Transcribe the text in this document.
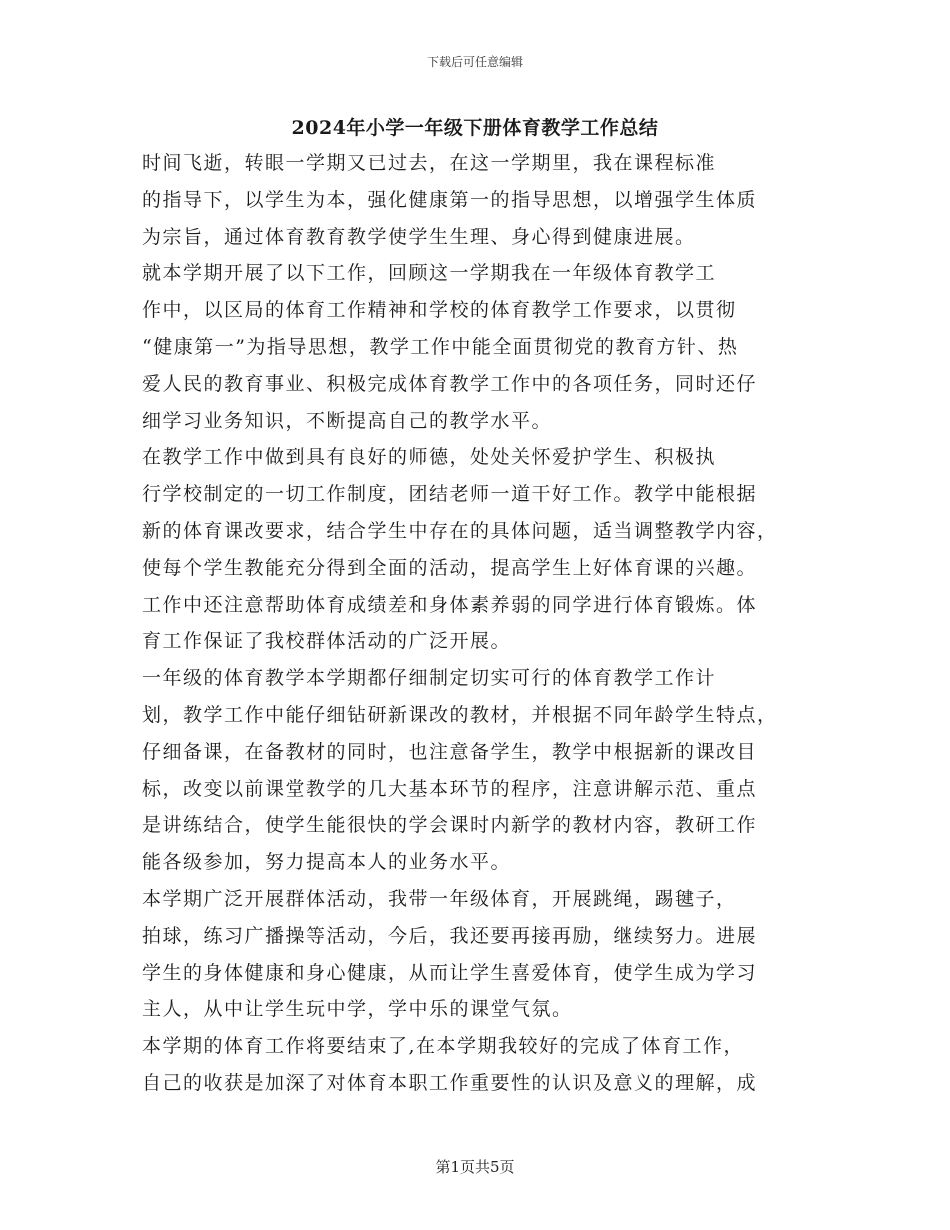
下载后可任意编辑
2024年小学一年级下册体育教学工作总结

时间飞逝，转眼一学期又已过去，在这一学期里，我在课程标准
的指导下，以学生为本，强化健康第一的指导思想，以增强学生体质
为宗旨，通过体育教育教学使学生生理、身心得到健康进展。

就本学期开展了以下工作，回顾这一学期我在一年级体育教学工
作中，以区局的体育工作精神和学校的体育教学工作要求，以贯彻
“健康第一”为指导思想，教学工作中能全面贯彻党的教育方针、热
爱人民的教育事业、积极完成体育教学工作中的各项任务，同时还仔
细学习业务知识，不断提高自己的教学水平。

在教学工作中做到具有良好的师德，处处关怀爱护学生、积极执
行学校制定的一切工作制度，团结老师一道干好工作。教学中能根据
新的体育课改要求，结合学生中存在的具体问题，适当调整教学内容，
使每个学生教能充分得到全面的活动，提高学生上好体育课的兴趣。
工作中还注意帮助体育成绩差和身体素养弱的同学进行体育锻炼。体
育工作保证了我校群体活动的广泛开展。

一年级的体育教学本学期都仔细制定切实可行的体育教学工作计
划，教学工作中能仔细钻研新课改的教材，并根据不同年龄学生特点，
仔细备课，在备教材的同时，也注意备学生，教学中根据新的课改目
标，改变以前课堂教学的几大基本环节的程序，注意讲解示范、重点
是讲练结合，使学生能很快的学会课时内新学的教材内容，教研工作
能各级参加，努力提高本人的业务水平。

本学期广泛开展群体活动，我带一年级体育，开展跳绳，踢毽子，
拍球，练习广播操等活动，今后，我还要再接再励，继续努力。进展
学生的身体健康和身心健康，从而让学生喜爱体育，使学生成为学习
主人，从中让学生玩中学，学中乐的课堂气氛。

本学期的体育工作将要结束了,在本学期我较好的完成了体育工作，
自己的收获是加深了对体育本职工作重要性的认识及意义的理解，成

第1页共5页
